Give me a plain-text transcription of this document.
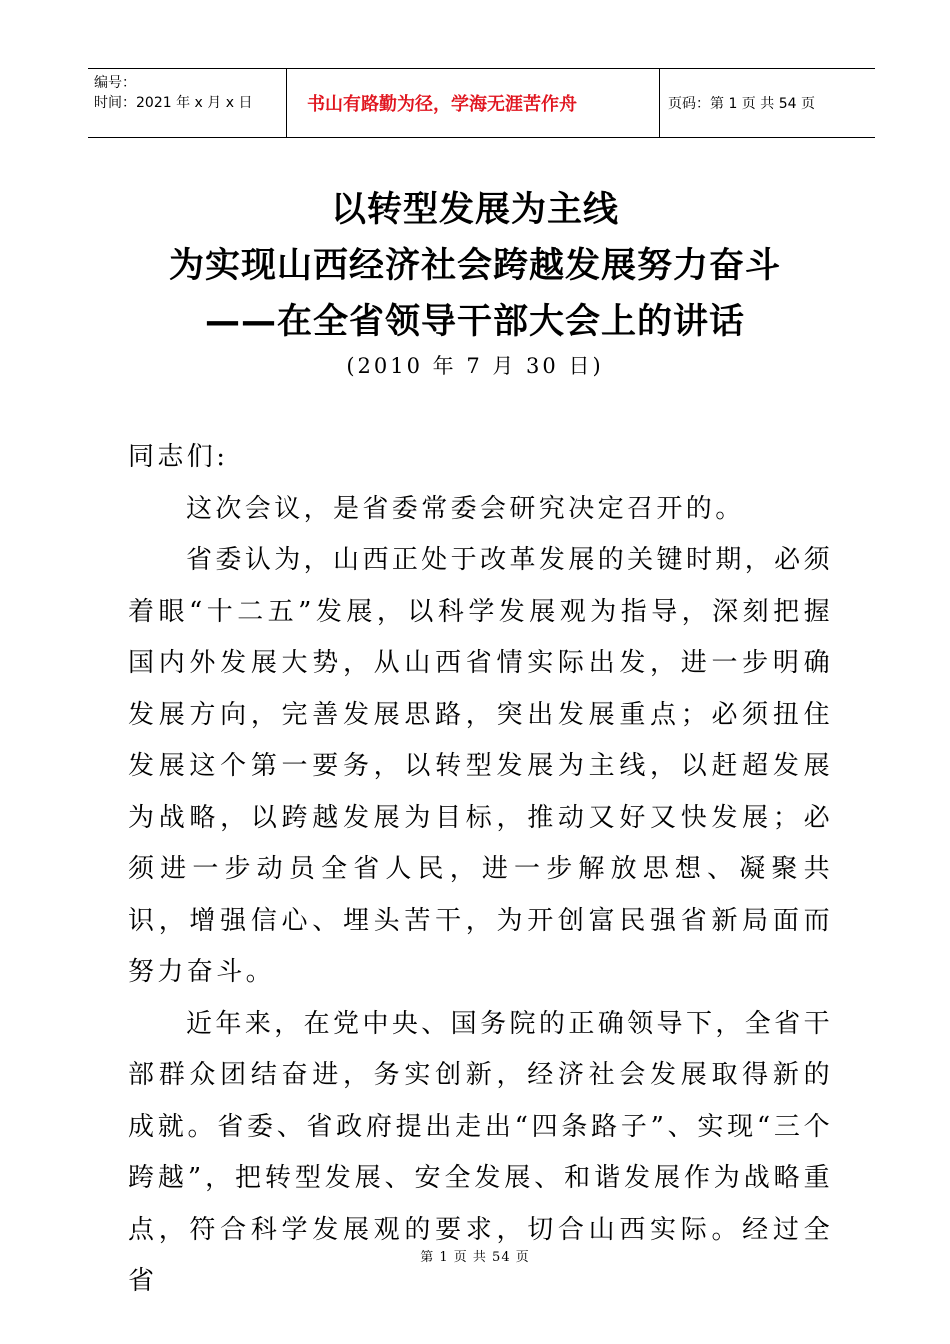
编号：
时间：2021 年 x 月 x 日	书山有路勤为径，学海无涯苦作舟	页码：第 1 页 共 54 页
以转型发展为主线
为实现山西经济社会跨越发展努力奋斗
——在全省领导干部大会上的讲话
(2010 年 7 月 30 日)

同志们:

这次会议，是省委常委会研究决定召开的。

省委认为，山西正处于改革发展的关键时期，必须着眼“十二五”发展，以科学发展观为指导，深刻把握国内外发展大势，从山西省情实际出发，进一步明确发展方向，完善发展思路，突出发展重点；必须扭住发展这个第一要务，以转型发展为主线，以赶超发展为战略，以跨越发展为目标，推动又好又快发展；必须进一步动员全省人民，进一步解放思想、凝聚共识，增强信心、埋头苦干，为开创富民强省新局面而努力奋斗。

近年来，在党中央、国务院的正确领导下，全省干部群众团结奋进，务实创新，经济社会发展取得新的成就。省委、省政府提出走出“四条路子”、实现“三个跨越”，把转型发展、安全发展、和谐发展作为战略重点，符合科学发展观的要求，切合山西实际。经过全省

第 1 页 共 54 页
